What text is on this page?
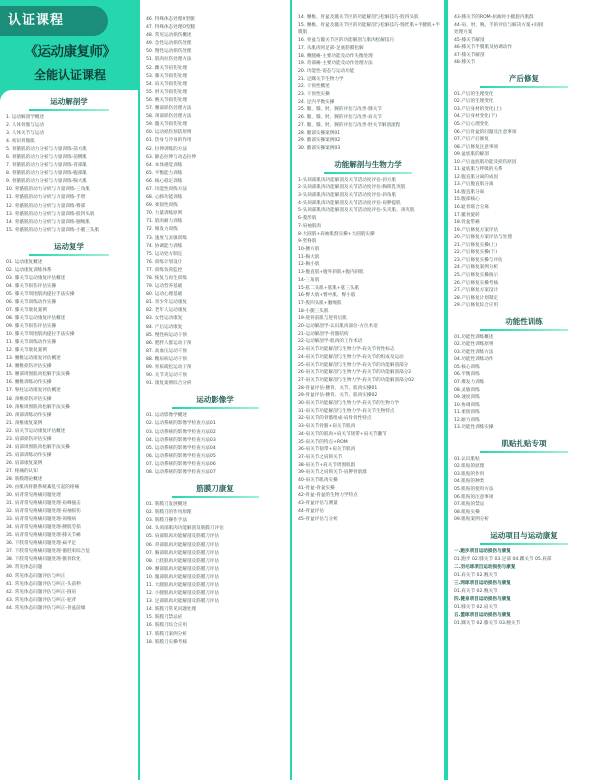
认证课程
《运动康复师》
全能认证课程
运动解剖学
1. 运动解剖学概述
2. 人体骨骼与运动
3. 人体关节与运动
4. 初识骨骼肌
5. 骨骼肌的动力分析与力量训练-前方肌
6. 骨骼肌的动力分析与力量训练-前侧肌
7. 骨骼肌的动力分析与力量训练-背部肌
8. 骨骼肌的动力分析与力量训练-腹部肌
9. 骨骼肌的动力分析与力量训练-胸大肌
10. 骨骼肌的动力分析与力量训练-三角肌
11. 骨骼肌的动力分析与力量训练-手臂
12. 骨骼肌的动力分析与力量训练-臀部
13. 骨骼肌的动力分析与力量训练-股四头肌
14. 骨骼肌的动力分析与力量训练-腘绳肌
15. 骨骼肌的动力分析与力量训练-小腿三头肌
运动复学
01. 运动康复概述
02. 运动康复训练体系
03. 膝关节运动康复评估概述
04. 膝关节损伤评估实操
05. 膝关节周围肌肉提拉手法实操
06. 膝关节训练动作实操
07. 膝关节康复案例
08. 膝关节运动康复评估概述
09. 膝关节损伤评估实操
10. 膝关节周围肌肉提拉手法实操
11. 膝关节训练动作实操
12. 膝关节康复案例
13. 腰椎运动康复评估概述
14. 腰椎损伤评估实操
15. 腰部周围肌肉松解手法实操
16. 腰椎训练动作实操
17. 脊柱运动康复评估概述
18. 颈椎损伤评估实操
19. 颈椎周围肌肉松解手法实操
20. 颈部训练动作实操
21. 颈椎康复案例
22. 肩关节运动康复评估概述
23. 肩部损伤评估实操
24. 肩部周围肌肉松解手法实操
25. 肩部训练动作实操
26. 肩部康复案例
27. 疼痛的认知
28. 筋膜理论概述
29. 由肌肉骨骼系统紊乱引起的疼痛
30. 肩背常见疼痛问题处理
31. 肩背常见疼痛问题处理-肩峰撞击
32. 肩背常见疼痛问题处理-肩袖损伤
33. 肩背常见疼痛问题处理-颈椎病
34. 肩背常见疼痛问题处理-腰肌劳损
35. 肩背常见疼痛问题处理-膝关节痛
36. 下肢常见疼痛问题处理-扁平足
37. 下肢常见疼痛问题处理-髂胫束综合征
38. 下肢常见疼痛问题处理-髌骨软化
39. 常见体态问题
40. 常见体态问题评估与纠正
41. 常见体态问题评估与纠正-头前伸
42. 常见体态问题评估与纠正-圆肩
43. 常见体态问题评估与纠正-驼背
44. 常见体态问题评估与纠正-骨盆前倾
46. 特殊体态处理X型腿
47. 特殊体态处理O型腿
48. 常见运动损伤概述
49. 急性运动损伤处理
50. 慢性运动损伤处理
51. 肌肉拉伤处理方法
52. 踝关节扭伤处理
53. 膝关节损伤处理
54. 肩关节损伤处理
55. 肘关节损伤处理
56. 腕关节损伤处理
57. 腰部损伤处理方法
58. 颈部损伤处理方法
59. 髋关节损伤处理
60. 运动损伤预防原则
61. 热身与冷身的作用
62. 拉伸训练的方法
63. 静态拉伸与动态拉伸
64. 本体感觉训练
65. 平衡能力训练
66. 核心稳定训练
67. 功能性训练方法
68. 心肺功能训练
69. 柔韧性训练
70. 力量训练原则
71. 肌肉耐力训练
72. 爆发力训练
73. 速度与灵敏训练
74. 协调能力训练
75. 运动处方制定
76. 训练计划设计
77. 训练负荷监控
78. 恢复与再生训练
79. 运动营养基础
80. 运动心理基础
81. 青少年运动康复
82. 老年人运动康复
83. 女性运动康复
84. 产后运动康复
85. 慢性病运动干预
86. 肥胖人群运动干预
87. 高血压运动干预
88. 糖尿病运动干预
89. 骨质疏松运动干预
90. 关节炎运动干预
91. 康复案例综合分析
运动影像学
01. 运动影像学概述
02. 运动系统的影像学检查方法01
03. 运动系统的影像学检查方法02
04. 运动系统的影像学检查方法03
05. 运动系统的影像学检查方法04
06. 运动系统的影像学检查方法05
07. 运动系统的影像学检查方法06
08. 运动系统的影像学检查方法07
筋膜刀康复
01. 筋膜刀发展概述
02. 筋膜刀的作用原理
03. 筋膜刀操作手法
04. 头颈部肌肉功能解剖及筋膜刀评估
05. 肩部肌肉功能解剖及筋膜刀评估
06. 背部肌肉功能解剖及筋膜刀评估
07. 胸部肌肉功能解剖及筋膜刀评估
08. 上肢肌肉功能解剖及筋膜刀评估
09. 腰部肌肉功能解剖及筋膜刀评估
10. 髋部肌肉功能解剖及筋膜刀评估
11. 大腿肌肉功能解剖及筋膜刀评估
12. 小腿肌肉功能解剖及筋膜刀评估
13. 足部肌肉功能解剖及筋膜刀评估
14. 筋膜刀常见问题处理
15. 筋膜刀禁忌症
16. 筋膜刀综合应用
17. 筋膜刀案例分析
18. 筋膜刀实操考核
14. 腰椎、骨盆及髋关节区的功能解剖与松解技巧-股四头肌
15. 腰椎、骨盆及髋关节区的功能解剖与松解技巧-缝匠肌+半腱肌+半膜肌
16. 骨盆与髋关节区的功能解剖与肌肉松解技巧
17. 从肌肉到足部-足底筋膜松解
18. 腰腿痛-主要功能及动作失衡处理
19. 背部痛-主要功能及动作处理方法
20. 功能性-姿态与运动功能
21. 足踝关节生物力学
22. 干预性概述
23. 干预性实操
24. 足内平衡实操
25. 腿、膝、肘、腕的评估与改善-膝关节
26. 腿、膝、肘、腕的评估与改善-肩关节
27. 腿、膝、肘、腕的评估与改善-肘关节解剖流程
28. 腿部实操案例01
29. 腿部实操案例02
30. 腿部实操案例03
功能解剖与生物力学
1-头颈部肌肉功能解剖及关节活动度评估-斜方肌
2-头颈部肌肉功能解剖及关节活动度评估-胸锁乳突肌
3-头颈部肌肉功能解剖及关节活动度评估-斜角肌
4-头颈部肌肉功能解剖及关节活动度评估-肩胛提肌
5-头颈部肌肉功能解剖及关节活动度评估-头夹肌、颈夹肌
6-菱形肌
7-肩袖肌肉
8-大圆肌+肩袖肌群实操+大圆肌实操
9-竖脊肌
10-腰方肌
11-胸大肌
12-胸小肌
13-腹直肌+腹外斜肌+腹内斜肌
14-三角肌
15-肱二头肌+肱肌+肱三头肌
16-臀大肌+臀中肌、臀小肌
17-股四头肌+腘绳肌
18-小腿三头肌
19-胫骨前肌与胫骨后肌
20-运动解剖学-认识肌肉部位-方位术语
21-运动解剖学-骨骼结构
22-运动解剖学-肌肉的工作术语
23-肩关节功能解剖与生物力学-肩关节骨性标志
24-肩关节功能解剖与生物力学-肩关节的组成及运动
25-肩关节功能解剖与生物力学-肩关节的功能解剖部分
26-肩关节功能解剖与生物力学-肩关节的功能解剖部分2
27-肩关节功能解剖与生物力学-肩关节的功能解剖部分02
28-骨盆评估-腰背、关节、肌肉实操01
29-骨盆评估-腰背、关节、肌肉实操02
30-肩关节功能解剖与生物力学-肩关节的生物力学
31-肩关节功能解剖与生物力学-肩关节生物特点
32-肩关节的骨骼组成-肩骨骨性特点
33-肩关节骨骼+肩关节肌肉
34-肩关节的肌肉+肩关节韧带+肩关节囊节
35-肩关节的特点+ROM
36-肩关节韧带+肩关节肌肉
37-肩关节之肩锁关节
38-肩关节+肩关节周围肌群
39-肩关节之肩锁关节-肩胛骨肌群
40-肩关节肌肉实操
41-骨盆-骨盆实操
42-骨盆-骨盆的生物力学特点
43-骨盆评估与测量
44-骨盆评估
45-骨盆评估与分析
43-膝关节的ROM-屈曲时小腿旋内肌群
44-肩、肘、腕、手的评估与解决方案+间接
处理方案
45-膝关节解剖
46-膝关节半膜肌及协调动作
47-膝关节解剖
48-膝关节
产后修复
01.产后的生理变化
02.产后的生理变化
03.产后身材的变化(上)
04.产后身材变化(下)
05.产后心理变化
06.产后骨盆的问题及注意事项
07.产后产后修复
08.产后修复注意事项
09.盆底肌的解剖
10.产后盆底肌功能及损伤原因
11.盆底肌与呼吸的关系
12.腹直肌分离的成因
13.产后腹直肌分离
14.腹直肌分离
15.腹部核心
16.耻骨联合分离
17.骶骨旋转
18.骨盆带痛
19.产后修复方案评估
20.产后修复方案评估与处理
21.产后修复实操(上)
22.产后修复实操(下)
23.产后修复实操与评估
24.产后修复案例分析
25.产后修复实操演示
26.产后修复实操考核
27.产后修复方案设计
28.产后修复计划制定
29.产后修复综合应用
功能性训练
01.功能性训练概述
02.功能性训练原则
03.功能性训练方法
04.功能性训练动作
05.核心训练
06.平衡训练
07.爆发力训练
08.灵敏训练
09.速度训练
10.协调训练
11.柔韧训练
12.耐力训练
13.功能性训练实操
肌贴扎贴专项
01.认识肌贴
02.肌贴的原理
03.肌贴的作用
04.肌贴的种类
05.肌贴的使用方法
06.肌贴的注意事项
07.肌贴的禁忌
08.肌贴实操
09.肌贴案例分析
运动项目与运动康复
一.跑步项目运动损伤与康复
01.跑步 02.膝关节 03.足部 04.踝关节 05.肩部
二.羽毛球项目运动损伤与康复
01.肩关节 02.腕关节
三.网球项目运动损伤与康复
01.肩关节 02.腕关节
四.健身项目运动损伤与康复
01.膝关节 02.肩关节
五.篮球项目运动损伤与康复
01.踝关节 02.膝关节 03.腕关节
